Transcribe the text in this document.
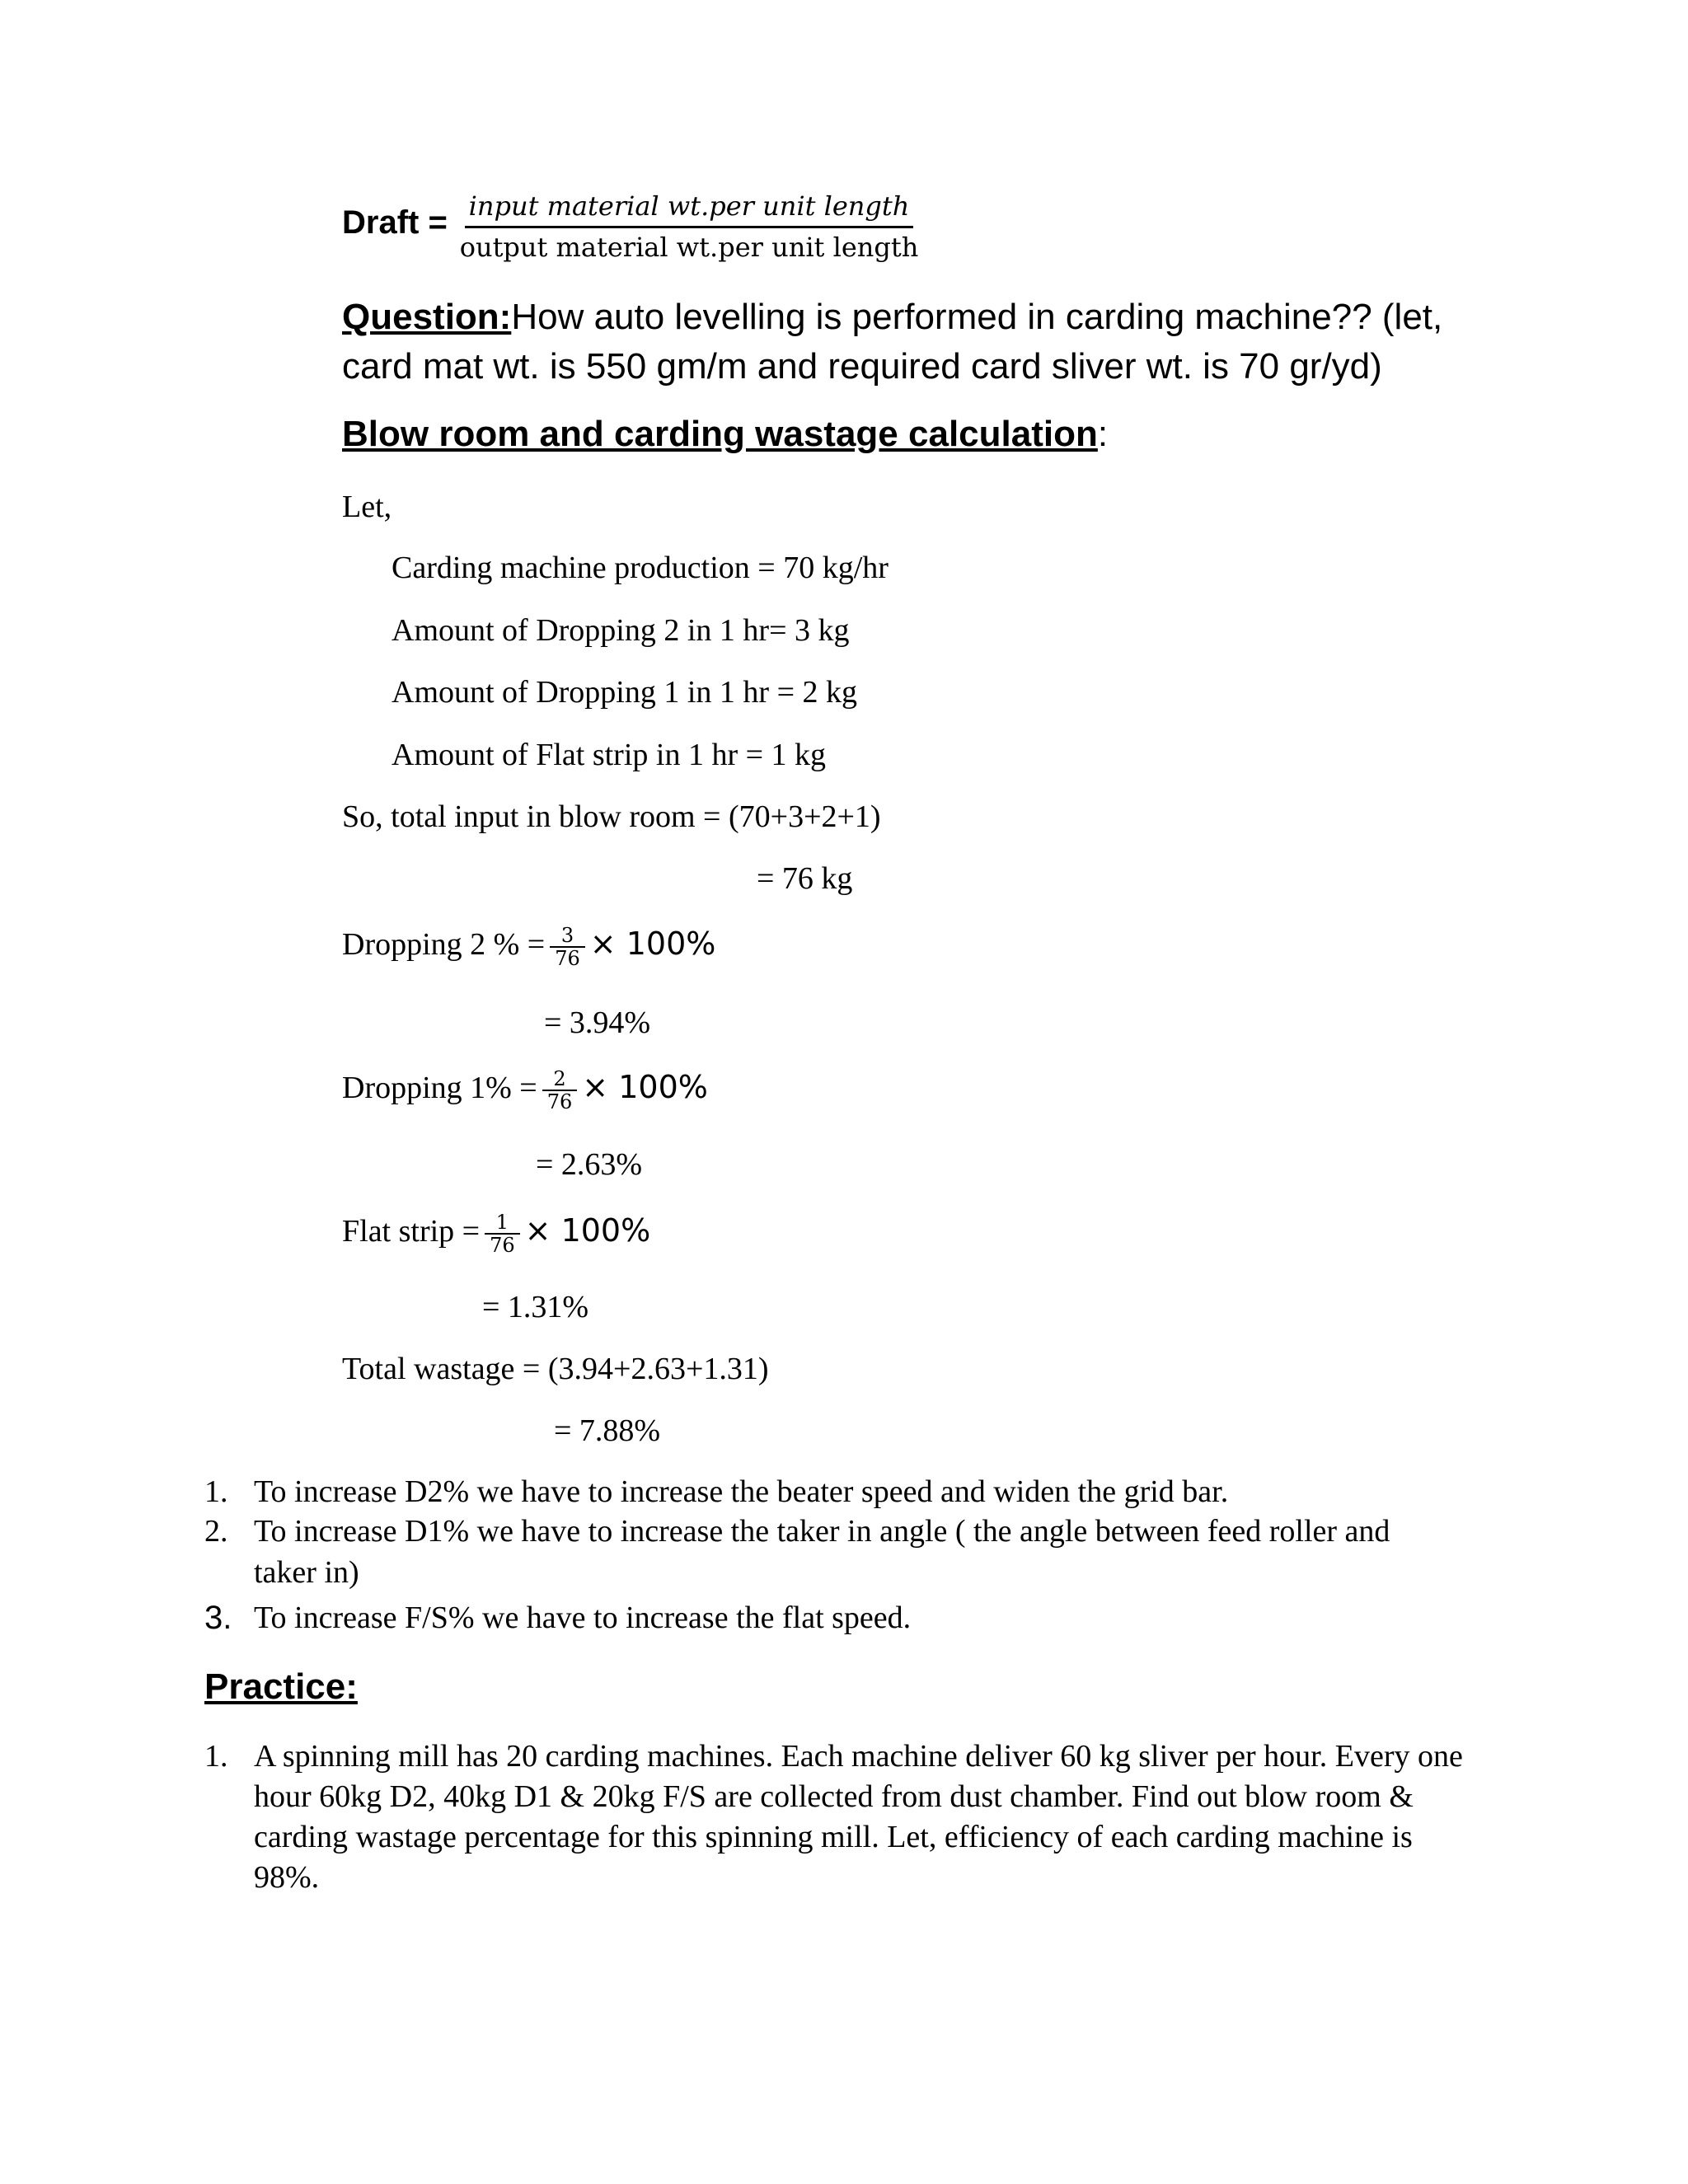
Draft = input material wt.per unit length
output material wt.per unit length
Question:How auto levelling is performed in carding machine?? (let, card mat wt. is 550 gm/m and required card sliver wt. is 70 gr/yd)
Blow room and carding wastage calculation:
Let,
Carding machine production = 70 kg/hr
Amount of Dropping 2 in 1 hr= 3 kg
Amount of Dropping 1 in 1 hr = 2 kg
Amount of Flat strip in 1 hr = 1 kg
So, total input in blow room = (70+3+2+1)
= 76 kg
Dropping 2 % = $\frac{3}{76} \times 100\%$
= 3.94%
Dropping $1\% = \frac{2}{76} \times 100\%$
= 2.63%
Flat strip = $\frac{1}{76} \times 100\%$
= 1.31%
Total wastage = (3.94+2.63+1.31)
= 7.88%
1. To increase D2% we have to increase the beater speed and widen the grid bar.
2. To increase D1% we have to increase the taker in angle ( the angle between feed roller and taker in)
3. To increase F/S% we have to increase the flat speed.
Practice:
1. A spinning mill has 20 carding machines. Each machine deliver 60 kg sliver per hour. Every one hour 60kg D2, 40kg D1 & 20kg F/S are collected from dust chamber. Find out blow room & carding wastage percentage for this spinning mill. Let, efficiency of each carding machine is 98%.
